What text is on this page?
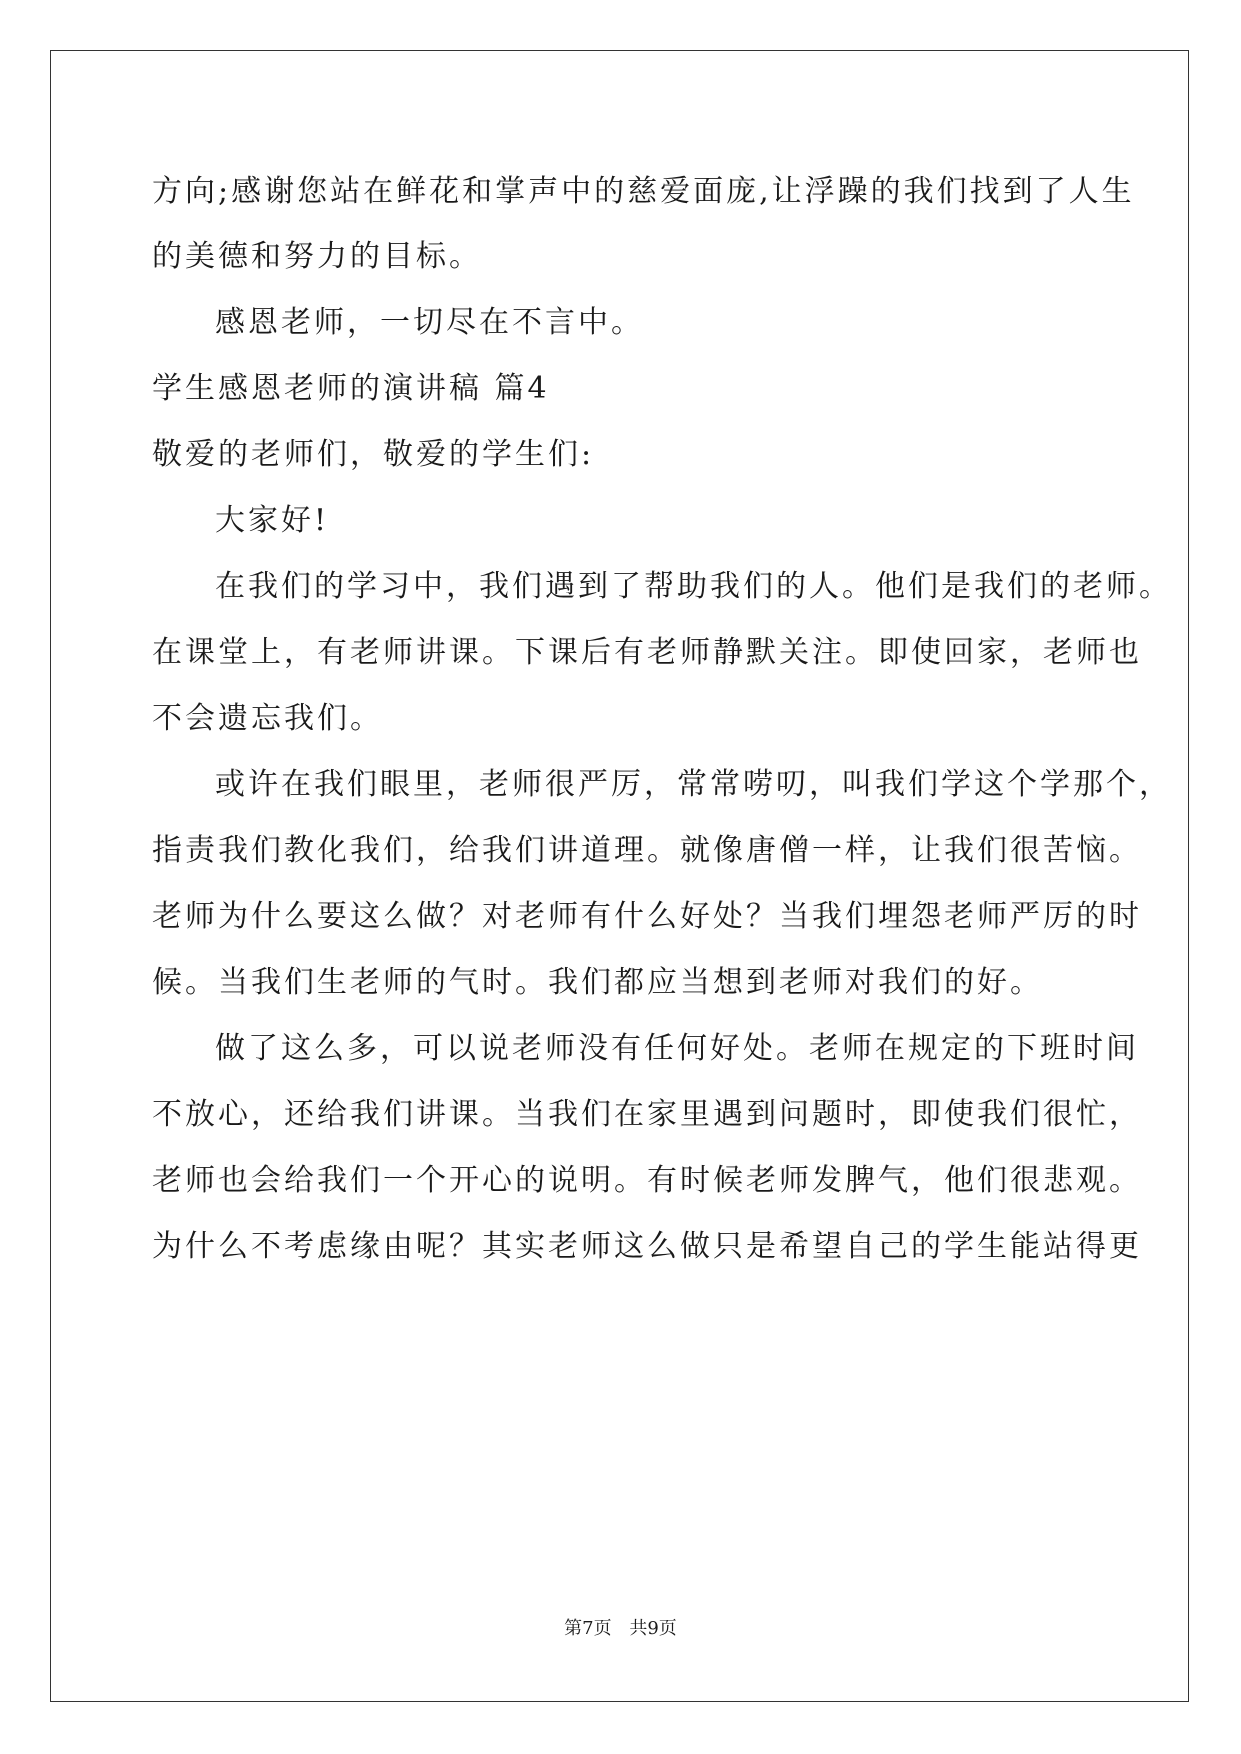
方向;感谢您站在鲜花和掌声中的慈爱面庞,让浮躁的我们找到了人生
的美德和努力的目标。
感恩老师，一切尽在不言中。
学生感恩老师的演讲稿 篇4
敬爱的老师们，敬爱的学生们:
大家好!
在我们的学习中，我们遇到了帮助我们的人。他们是我们的老师。
在课堂上，有老师讲课。下课后有老师静默关注。即使回家，老师也
不会遗忘我们。
或许在我们眼里，老师很严厉，常常唠叨，叫我们学这个学那个，
指责我们教化我们，给我们讲道理。就像唐僧一样，让我们很苦恼。
老师为什么要这么做？对老师有什么好处？当我们埋怨老师严厉的时
候。当我们生老师的气时。我们都应当想到老师对我们的好。
做了这么多，可以说老师没有任何好处。老师在规定的下班时间
不放心，还给我们讲课。当我们在家里遇到问题时，即使我们很忙，
老师也会给我们一个开心的说明。有时候老师发脾气，他们很悲观。
为什么不考虑缘由呢？其实老师这么做只是希望自己的学生能站得更
第7页 共9页
